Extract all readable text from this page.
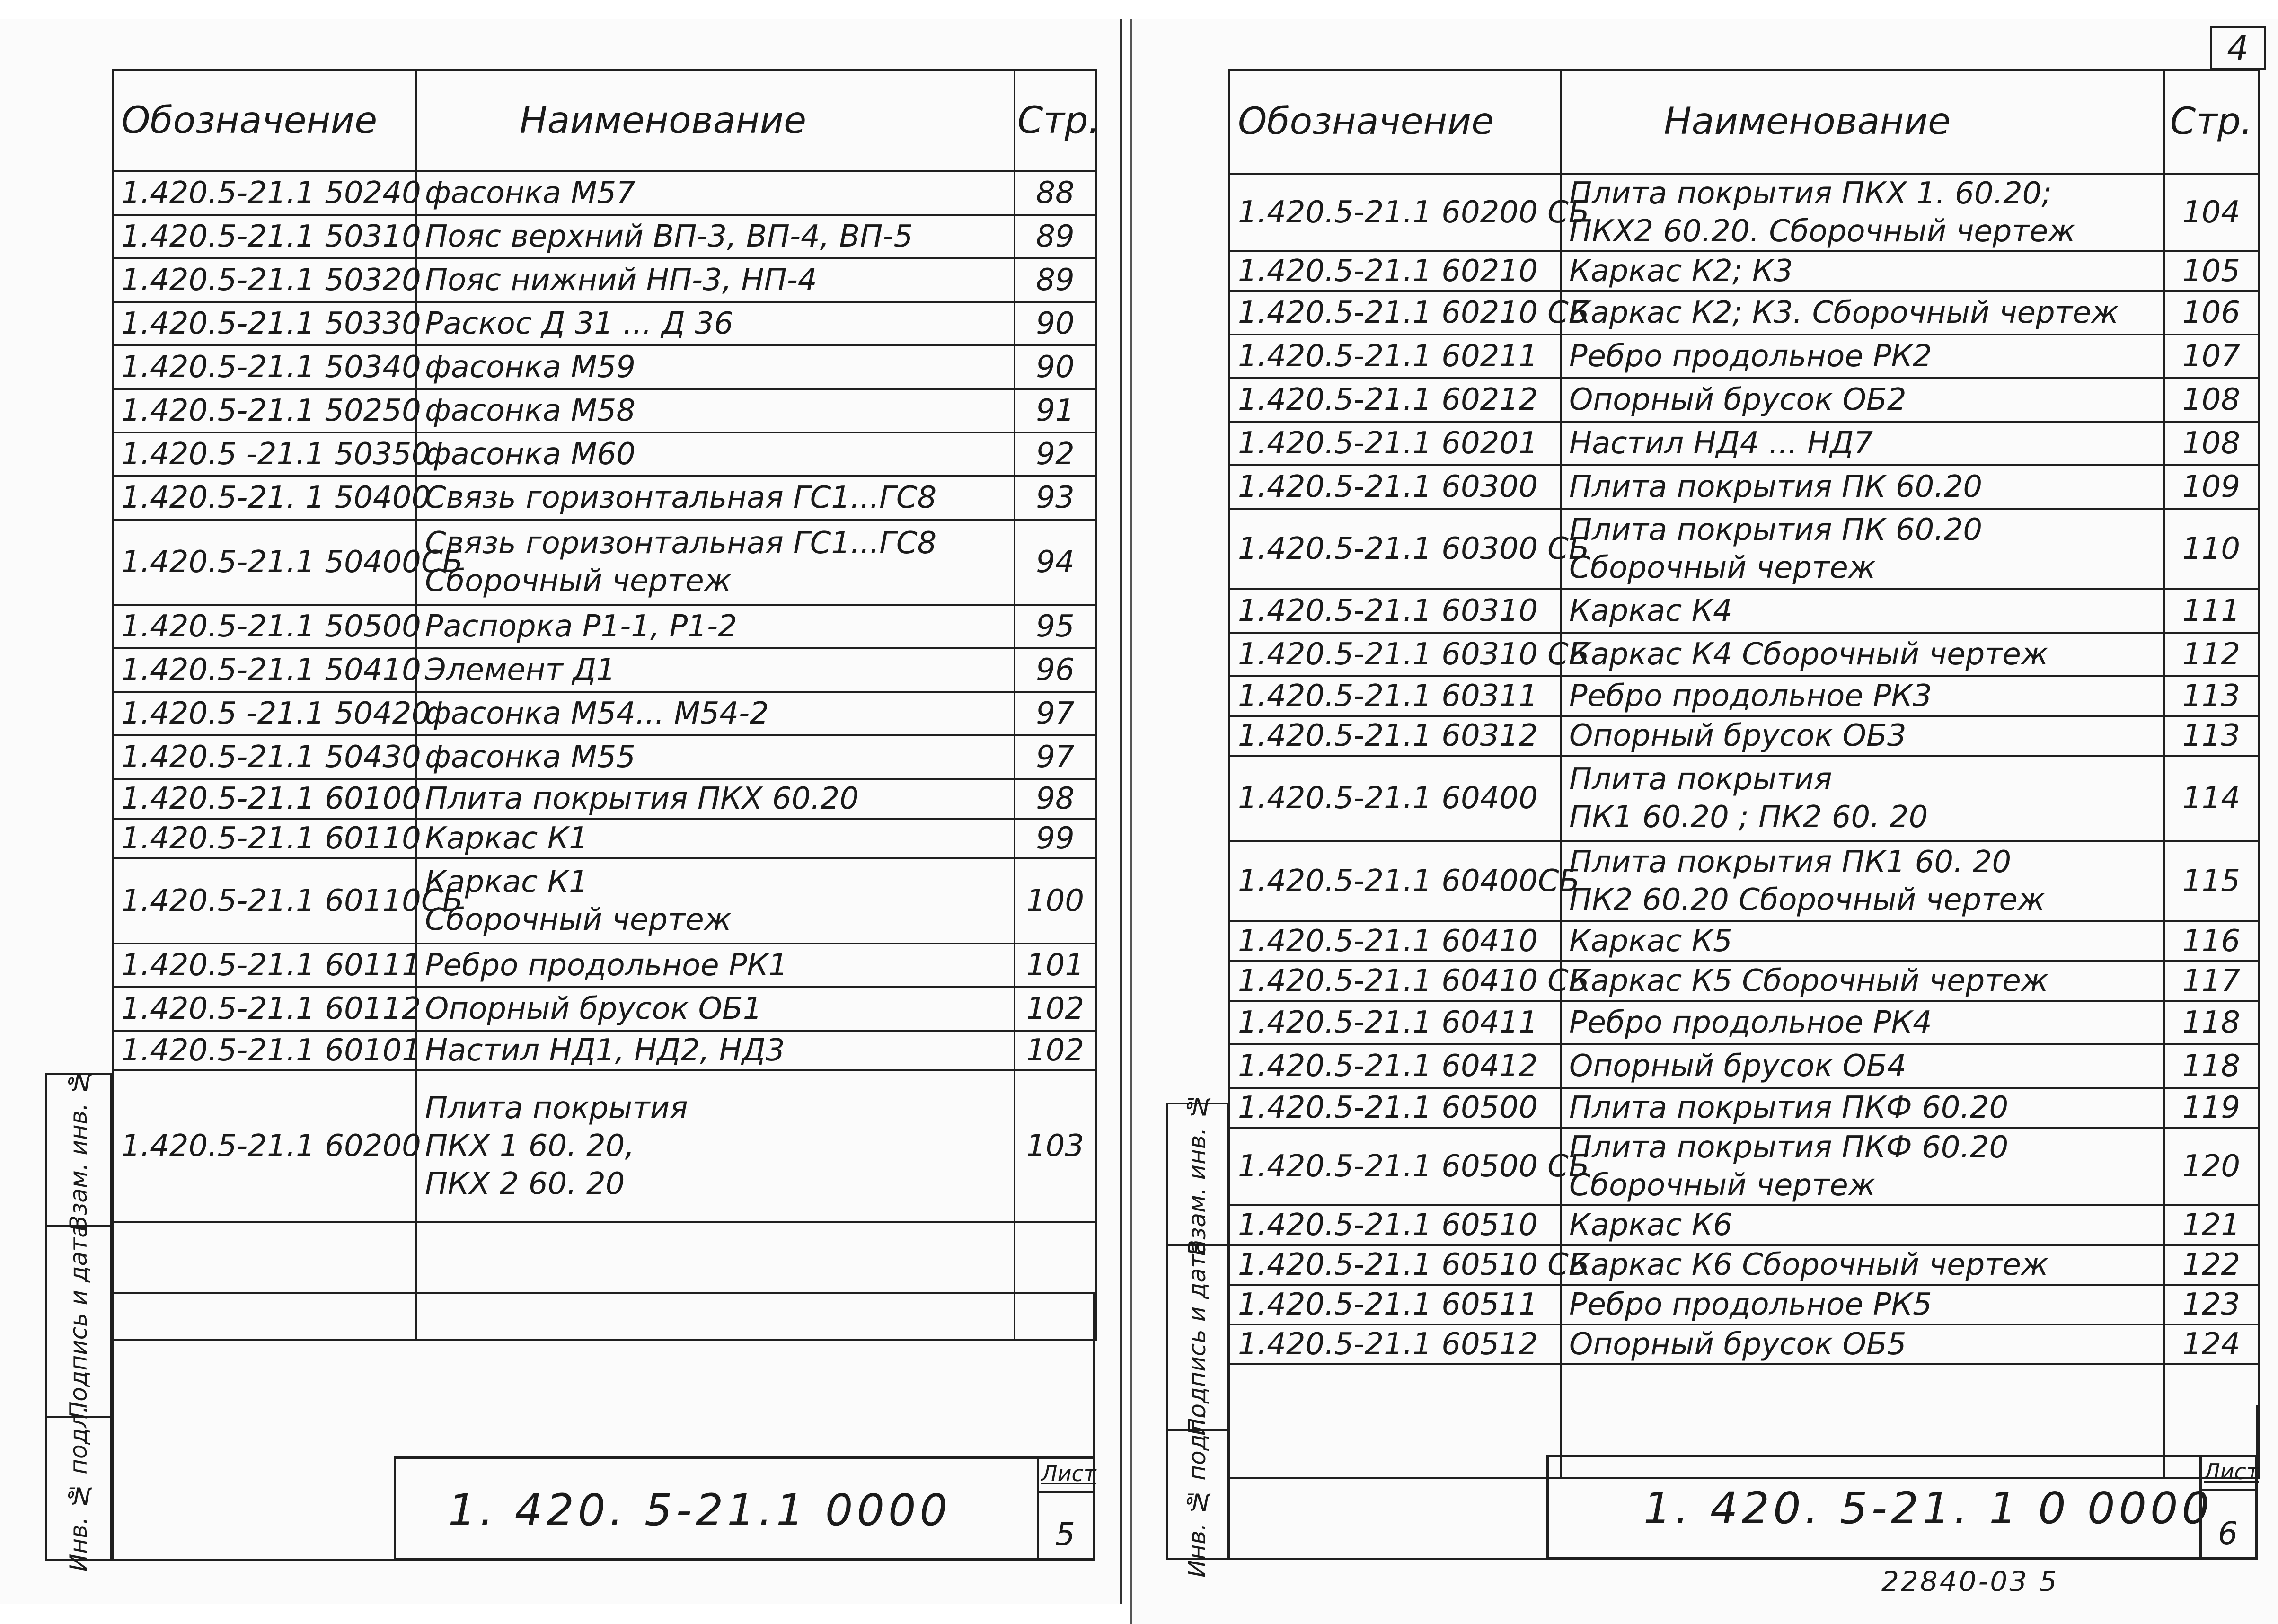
Взам. инв. №
Подпись и дата
Инв. № подл.
Обозначение	Наименование	Стр.
1.420.5-21.1 50240	фасонка М57	88
1.420.5-21.1 50310	Пояс верхний ВП-3, ВП-4, ВП-5	89
1.420.5-21.1 50320	Пояс нижний НП-3, НП-4	89
1.420.5-21.1 50330	Раскос Д 31 ... Д 36	90
1.420.5-21.1 50340	фасонка М59	90
1.420.5-21.1 50250	фасонка М58	91
1.420.5 -21.1 50350	фасонка М60	92
1.420.5-21. 1 50400	Связь горизонтальная ГС1...ГС8	93
1.420.5-21.1 50400СБ	Связь горизонтальная ГС1...ГС8
Сборочный чертеж	94
1.420.5-21.1 50500	Распорка Р1-1, Р1-2	95
1.420.5-21.1 50410	Элемент Д1	96
1.420.5 -21.1 50420	фасонка М54... М54-2	97
1.420.5-21.1 50430	фасонка М55	97
1.420.5-21.1 60100	Плита покрытия ПКХ 60.20	98
1.420.5-21.1 60110	Каркас К1	99
1.420.5-21.1 60110СБ	Каркас К1
Сборочный чертеж	100
1.420.5-21.1 60111	Ребро продольное РК1	101
1.420.5-21.1 60112	Опорный брусок ОБ1	102
1.420.5-21.1 60101	Настил НД1, НД2, НД3	102
1.420.5-21.1 60200	Плита покрытия
ПКХ 1 60. 20,
ПКХ 2 60. 20	103

1. 420. 5-21.1 0000
Лист
5
4
Взам. инв. №
Подпись и дата
Инв. № подл.
Обозначение	Наименование	Стр.
1.420.5-21.1 60200 СБ	Плита покрытия ПКХ 1. 60.20;
ПКХ2 60.20. Сборочный чертеж	104
1.420.5-21.1 60210	Каркас К2; К3	105
1.420.5-21.1 60210 СБ	Каркас К2; К3. Сборочный чертеж	106
1.420.5-21.1 60211	Ребро продольное РК2	107
1.420.5-21.1 60212	Опорный брусок ОБ2	108
1.420.5-21.1 60201	Настил НД4 ... НД7	108
1.420.5-21.1 60300	Плита покрытия ПК 60.20	109
1.420.5-21.1 60300 СБ	Плита покрытия ПК 60.20
Сборочный чертеж	110
1.420.5-21.1 60310	Каркас К4	111
1.420.5-21.1 60310 СБ	Каркас К4 Сборочный чертеж	112
1.420.5-21.1 60311	Ребро продольное РК3	113
1.420.5-21.1 60312	Опорный брусок ОБ3	113
1.420.5-21.1 60400	Плита покрытия
ПК1 60.20 ; ПК2 60. 20	114
1.420.5-21.1 60400СБ	Плита покрытия ПК1 60. 20
ПК2 60.20 Сборочный чертеж	115
1.420.5-21.1 60410	Каркас К5	116
1.420.5-21.1 60410 СБ	Каркас К5 Сборочный чертеж	117
1.420.5-21.1 60411	Ребро продольное РК4	118
1.420.5-21.1 60412	Опорный брусок ОБ4	118
1.420.5-21.1 60500	Плита покрытия ПКФ 60.20	119
1.420.5-21.1 60500 СБ	Плита покрытия ПКФ 60.20
Сборочный чертеж	120
1.420.5-21.1 60510	Каркас К6	121
1.420.5-21.1 60510 СБ	Каркас К6 Сборочный чертеж	122
1.420.5-21.1 60511	Ребро продольное РК5	123
1.420.5-21.1 60512	Опорный брусок ОБ5	124

1. 420. 5-21. 1 0 0000
Лист
6
22840-03 5
